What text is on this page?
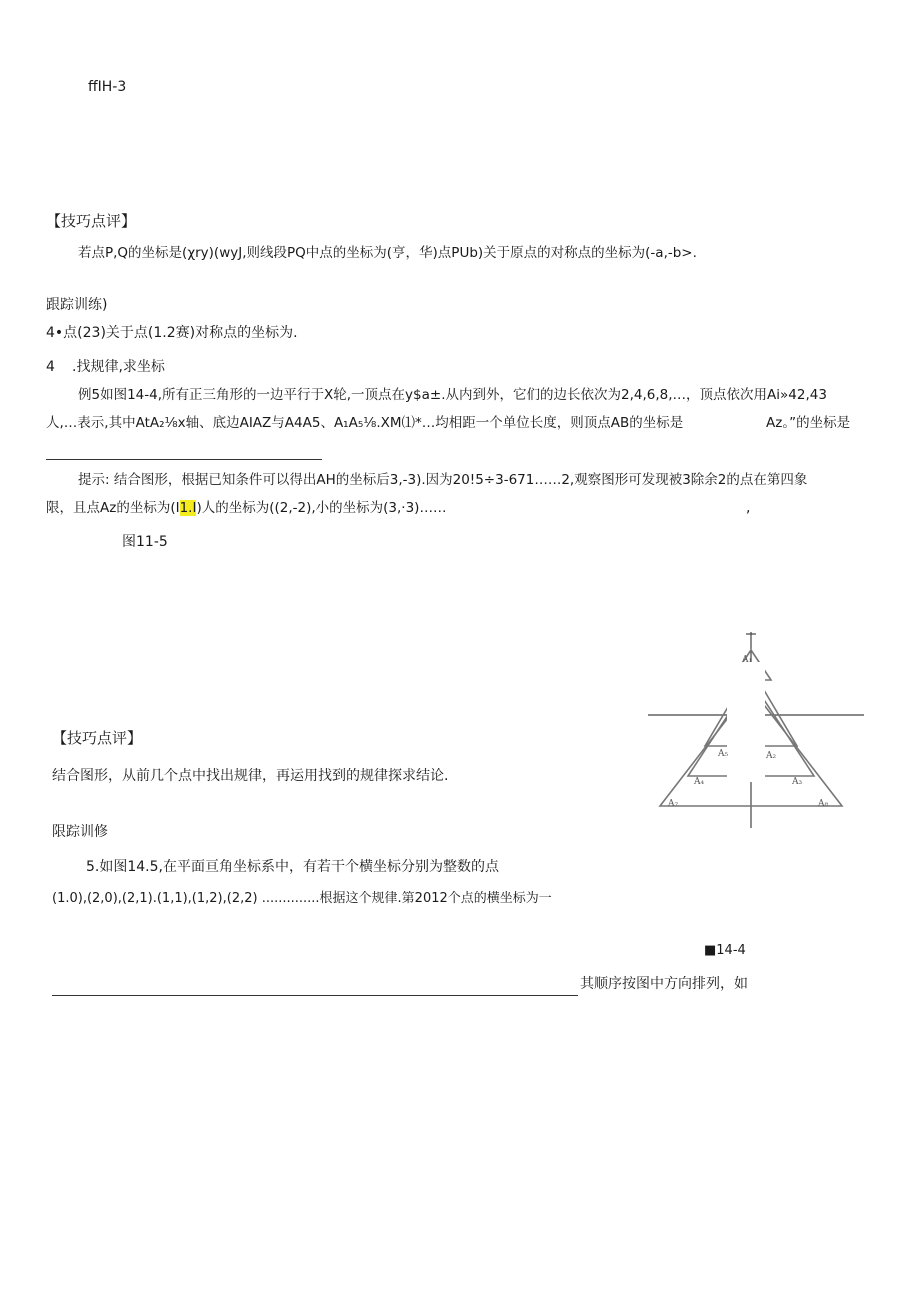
ffIH-3
【技巧点评】
若点P,Q的坐标是(χry)(wyJ,则线段PQ中点的坐标为(亨，华)点PUb)关于原点的对称点的坐标为(-a,-b>.
跟踪训练)
4•点(23)关于点(1.2赛)对称点的坐标为.
4 .找规律,求坐标
例5如图14-4,所有正三角形的一边平行于X轮,一顶点在y$a±.从内到外，它们的边长依次为2,4,6,8,…，顶点依次用Ai»42,43
人,…表示,其中AtA₂⅛x轴、底边AIAZ与A4A5、A₁A₅⅛.XM⑴*…均相距一个单位长度，则顶点AB的坐标是	Az。”的坐标是
提示: 结合图形，根据已知条件可以得出AH的坐标后3,-3).因为20!5÷3-671……2,观察图形可发现被3除余2的点在第四象
限，且点Az的坐标为(I1.I)人的坐标为((2,-2),小的坐标为(3,·3)……	,
图11-5
【技巧点评】
结合图形，从前几个点中找出规律，再运用找到的规律探求结论.
限踪训修
5.如图14.5,在平面亘角坐标系中，有若干个横坐标分别为整数的点
(1.0),(2,0),(2,1).(1,1),(1,2),(2,2) ..............根据这个规律.第2012个点的横坐标为一
■14-4
其顺序按图中方向排列，如
A₁
A₅	A₂
A₄	A₃
A₇	A₈
